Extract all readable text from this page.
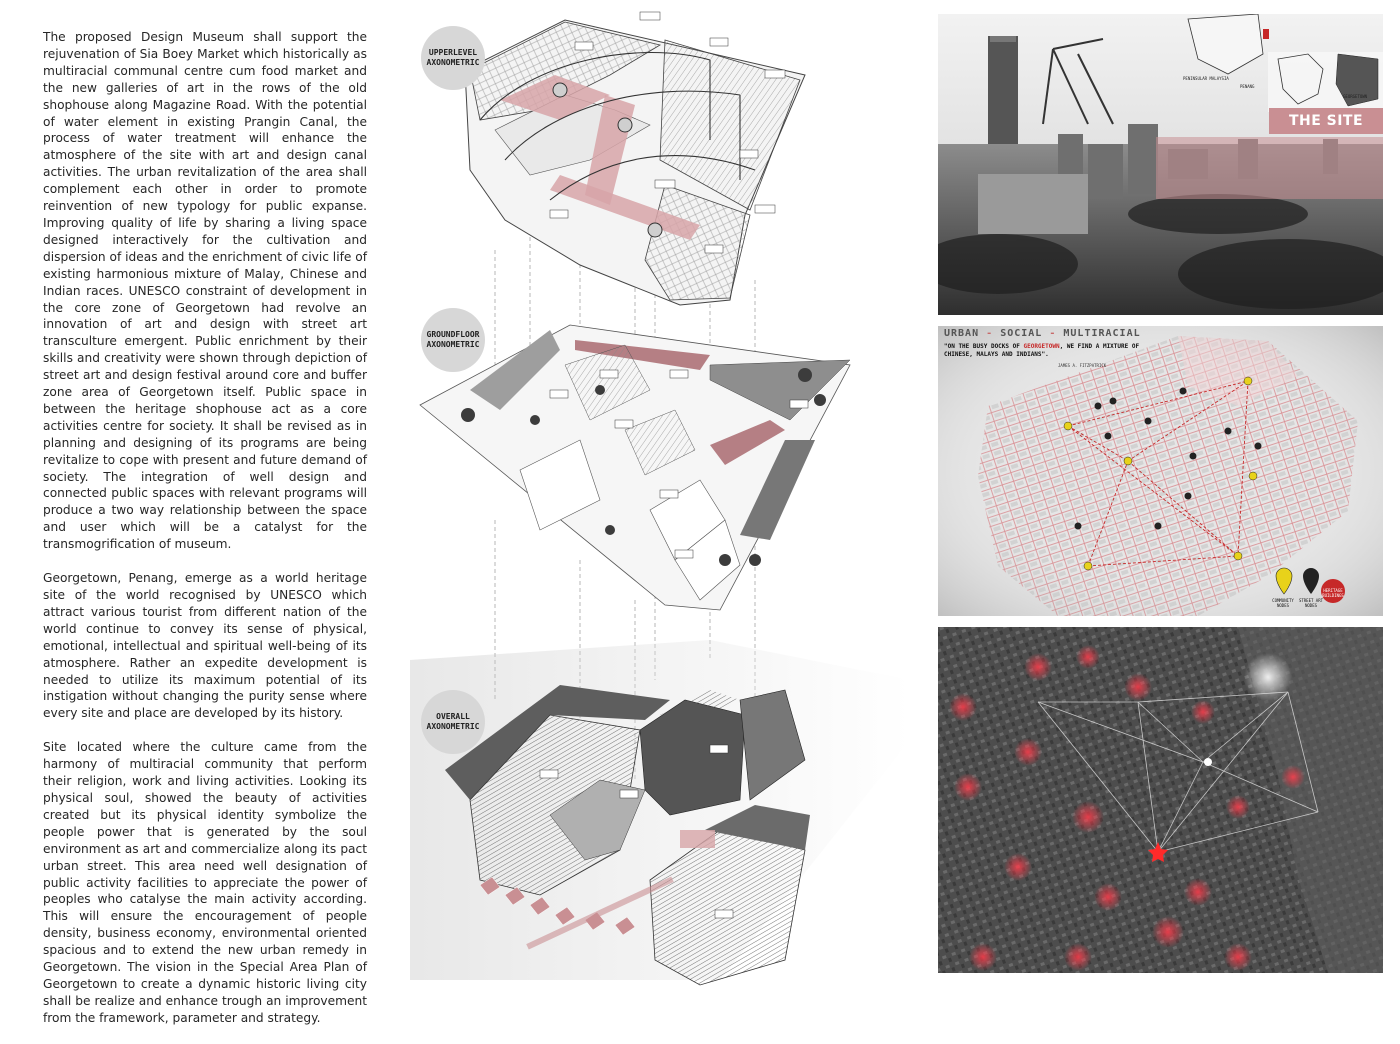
The proposed Design Museum shall support the rejuvenation of Sia Boey Market which historically as multiracial communal centre cum food market and the new galleries of art in the rows of the old shophouse along Magazine Road. With the potential of water element in existing Prangin Canal, the process of water treatment will enhance the atmosphere of the site with art and design canal activities. The urban revitalization of the area shall complement each other in order to promote reinvention of new typology for public expanse. Improving quality of life by sharing a living space designed interactively for the cultivation and dispersion of ideas and the enrichment of civic life of existing harmonious mixture of Malay, Chinese and Indian races. UNESCO constraint of development in the core zone of Georgetown had revolve an innovation of art and design with street art transculture emergent. Public enrichment by their skills and creativity were shown through depiction of street art and design festival around core and buffer zone area of Georgetown itself. Public space in between the heritage shophouse act as a core activities centre for society. It shall be revised as in planning and designing of its programs are being revitalize to cope with present and future demand of society. The integration of well design and connected public spaces with relevant programs will produce a two way relationship between the space and user which will be a catalyst for the transmogrification of museum.

Georgetown, Penang, emerge as a world heritage site of the world recognised by UNESCO which attract various tourist from different nation of the world continue to convey its sense of physical, emotional, intellectual and spiritual well-being of its atmosphere. Rather an expedite development is needed to utilize its maximum potential of its instigation without changing the purity sense where every site and place are developed by its history.

Site located where the culture came from the harmony of multiracial community that perform their religion, work and living activities. Looking its physical soul, showed the beauty of activities created but its physical identity symbolize the people power that is generated by the soul environment as art and commercialize along its pact urban street. This area need well designation of public activity facilities to appreciate the power of peoples who catalyse the main activity according. This will ensure the encouragement of people density, business economy, environmental oriented spacious and to extend the new urban remedy in Georgetown. The vision in the Special Area Plan of Georgetown to create a dynamic historic living city shall be realize and enhance trough an improvement from the framework, parameter and strategy.

UPPERLEVEL
AXONOMETRIC
GROUNDFLOOR
AXONOMETRIC
OVERALL
AXONOMETRIC
PENINSULAR MALAYSIA
PENANG
GEORGETOWN
THE SITE
URBAN - SOCIAL - MULTIRACIAL
"ON THE BUSY DOCKS OF GEORGETOWN, WE FIND A MIXTURE OF CHINESE, MALAYS AND INDIANS".
JAMES A. FITZPATRICK
COMMUNITY NODES
STREET ART NODES
HERITAGE BUILDINGS
